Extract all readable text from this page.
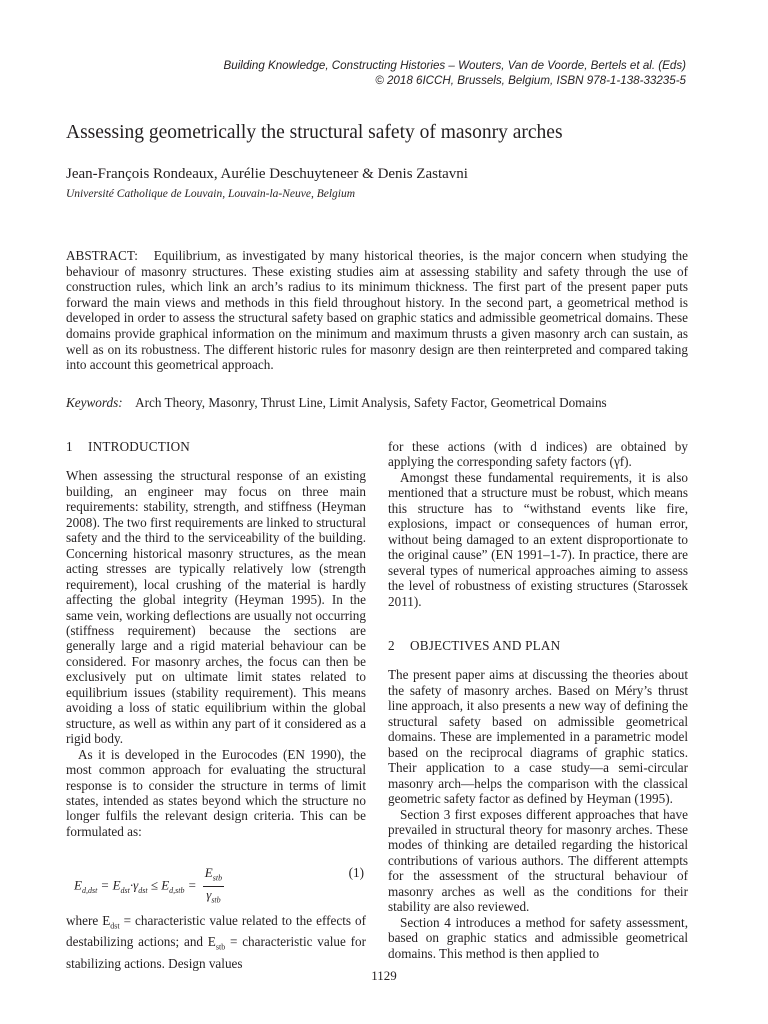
Building Knowledge, Constructing Histories – Wouters, Van de Voorde, Bertels et al. (Eds)
© 2018 6ICCH, Brussels, Belgium, ISBN 978-1-138-33235-5
Assessing geometrically the structural safety of masonry arches
Jean-François Rondeaux, Aurélie Deschuyteneer & Denis Zastavni
Université Catholique de Louvain, Louvain-la-Neuve, Belgium
ABSTRACT: Equilibrium, as investigated by many historical theories, is the major concern when studying the behaviour of masonry structures. These existing studies aim at assessing stability and safety through the use of construction rules, which link an arch’s radius to its minimum thickness. The first part of the present paper puts forward the main views and methods in this field throughout history. In the second part, a geometrical method is developed in order to assess the structural safety based on graphic statics and admissible geometrical domains. These domains provide graphical information on the minimum and maximum thrusts a given masonry arch can sustain, as well as on its robustness. The different historic rules for masonry design are then reinterpreted and compared taking into account this geometrical approach.
Keywords: Arch Theory, Masonry, Thrust Line, Limit Analysis, Safety Factor, Geometrical Domains

1 INTRODUCTION

When assessing the structural response of an existing building, an engineer may focus on three main requirements: stability, strength, and stiffness (Heyman 2008). The two first requirements are linked to structural safety and the third to the serviceability of the building. Concerning historical masonry structures, as the mean acting stresses are typically relatively low (strength requirement), local crushing of the material is hardly affecting the global integrity (Heyman 1995). In the same vein, working deflections are usually not occurring (stiffness requirement) because the sections are generally large and a rigid material behaviour can be considered. For masonry arches, the focus can then be exclusively put on ultimate limit states related to equilibrium issues (stability requirement). This means avoiding a loss of static equilibrium within the global structure, as well as within any part of it considered as a rigid body.

As it is developed in the Eurocodes (EN 1990), the most common approach for evaluating the structural response is to consider the structure in terms of limit states, intended as states beyond which the structure no longer fulfils the relevant design criteria. This can be formulated as:

$E_{d,dst} = E_{dst}\cdot\gamma_{dst} \le E_{d,stb} = \frac{E_{stb}}{\gamma_{stb}}$	(1)

where $E_{dst}$ = characteristic value related to the effects of destabilizing actions; and $E_{stb}$ = characteristic value for stabilizing actions. Design values

for these actions (with d indices) are obtained by applying the corresponding safety factors (γf).

Amongst these fundamental requirements, it is also mentioned that a structure must be robust, which means this structure has to “withstand events like fire, explosions, impact or consequences of human error, without being damaged to an extent disproportionate to the original cause” (EN 1991–1-7). In practice, there are several types of numerical approaches aiming to assess the level of robustness of existing structures (Starossek 2011).

2 OBJECTIVES AND PLAN

The present paper aims at discussing the theories about the safety of masonry arches. Based on Méry’s thrust line approach, it also presents a new way of defining the structural safety based on admissible geometrical domains. These are implemented in a parametric model based on the reciprocal diagrams of graphic statics. Their application to a case study—a semi-circular masonry arch—helps the comparison with the classical geometric safety factor as defined by Heyman (1995).

Section 3 first exposes different approaches that have prevailed in structural theory for masonry arches. These modes of thinking are detailed regarding the historical contributions of various authors. The different attempts for the assessment of the structural behaviour of masonry arches as well as the conditions for their stability are also reviewed.

Section 4 introduces a method for safety assessment, based on graphic statics and admissible geometrical domains. This method is then applied to

1129
